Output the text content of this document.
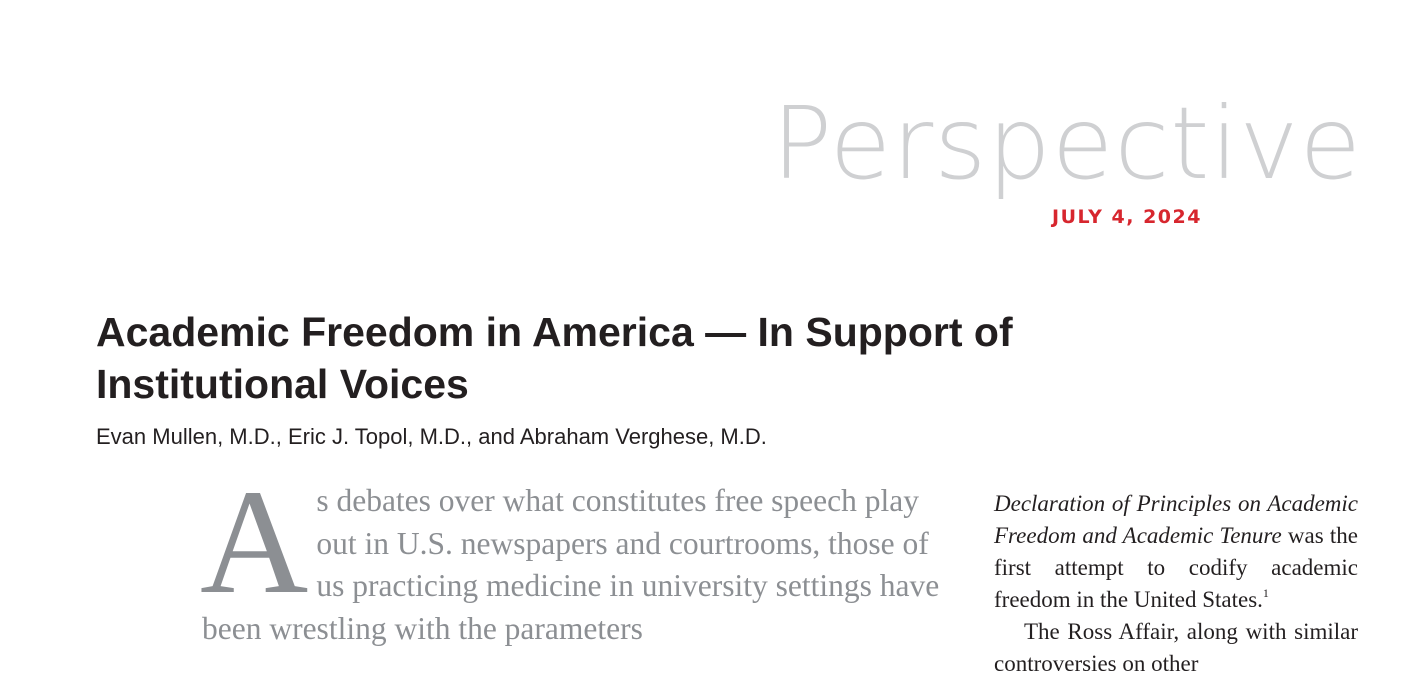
Perspective
JULY 4, 2024
Academic Freedom in America — In Support of Institutional Voices
Evan Mullen, M.D., Eric J. Topol, M.D., and Abraham Verghese, M.D.
As debates over what constitutes free speech play out in U.S. newspapers and courtrooms, those of us practicing medicine in university settings have been wrestling with the parameters

Declaration of Principles on Academic Freedom and Academic Tenure was the first attempt to codify academic freedom in the United States.$^1$

The Ross Affair, along with similar controversies on other
